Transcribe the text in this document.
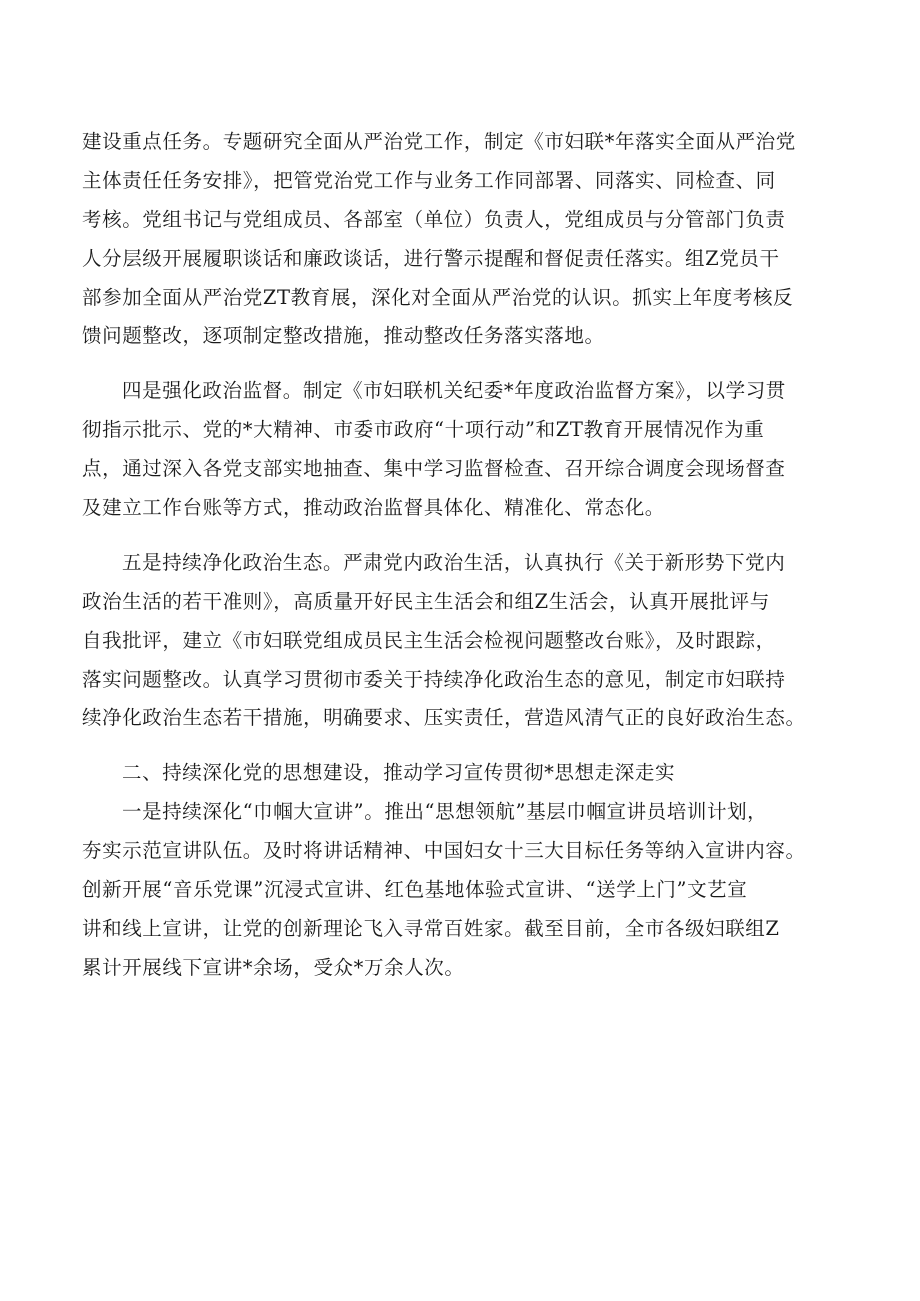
建设重点任务。专题研究全面从严治党工作，制定《市妇联*年落实全面从严治党
主体责任任务安排》，把管党治党工作与业务工作同部署、同落实、同检查、同
考核。党组书记与党组成员、各部室（单位）负责人，党组成员与分管部门负责
人分层级开展履职谈话和廉政谈话，进行警示提醒和督促责任落实。组Z党员干
部参加全面从严治党ZT教育展，深化对全面从严治党的认识。抓实上年度考核反
馈问题整改，逐项制定整改措施，推动整改任务落实落地。
四是强化政治监督。制定《市妇联机关纪委*年度政治监督方案》，以学习贯
彻指示批示、党的*大精神、市委市政府“十项行动”和ZT教育开展情况作为重
点，通过深入各党支部实地抽查、集中学习监督检查、召开综合调度会现场督查
及建立工作台账等方式，推动政治监督具体化、精准化、常态化。
五是持续净化政治生态。严肃党内政治生活，认真执行《关于新形势下党内
政治生活的若干准则》，高质量开好民主生活会和组Z生活会，认真开展批评与
自我批评，建立《市妇联党组成员民主生活会检视问题整改台账》，及时跟踪，
落实问题整改。认真学习贯彻市委关于持续净化政治生态的意见，制定市妇联持
续净化政治生态若干措施，明确要求、压实责任，营造风清气正的良好政治生态。
二、持续深化党的思想建设，推动学习宣传贯彻*思想走深走实
一是持续深化“巾帼大宣讲”。推出“思想领航”基层巾帼宣讲员培训计划，
夯实示范宣讲队伍。及时将讲话精神、中国妇女十三大目标任务等纳入宣讲内容。
创新开展“音乐党课”沉浸式宣讲、红色基地体验式宣讲、“送学上门”文艺宣
讲和线上宣讲，让党的创新理论飞入寻常百姓家。截至目前，全市各级妇联组Z
累计开展线下宣讲*余场，受众*万余人次。
